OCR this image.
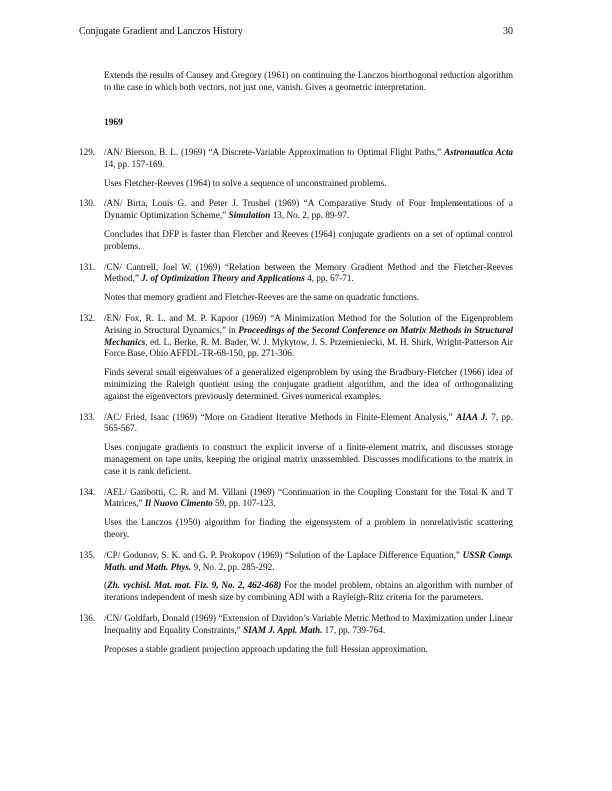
Conjugate Gradient and Lanczos History	30
Extends the results of Causey and Gregory (1961) on continuing the Lanczos biorthogonal reduction algorithm to the case in which both vectors, not just one, vanish. Gives a geometric interpretation.
1969
129. /AN/ Bierson, B. L. (1969) “A Discrete-Variable Approximation to Optimal Flight Paths,” Astronautica Acta 14, pp. 157-169.
Uses Fletcher-Reeves (1964) to solve a sequence of unconstrained problems.
130. /AN/ Birta, Louis G. and Peter J. Trushel (1969) “A Comparative Study of Four Implementations of a Dynamic Optimization Scheme,” Simulation 13, No. 2, pp. 89-97.
Concludes that DFP is faster than Fletcher and Reeves (1964) conjugate gradients on a set of optimal control problems.
131. /CN/ Cantrell, Joel W. (1969) “Relation between the Memory Gradient Method and the Fletcher-Reeves Method,” J. of Optimization Theory and Applications 4, pp. 67-71.
Notes that memory gradient and Fletcher-Reeves are the same on quadratic functions.
132. /EN/ Fox, R. L. and M. P. Kapoor (1969) “A Minimization Method for the Solution of the Eigenproblem Arising in Structural Dynamics,” in Proceedings of the Second Conference on Matrix Methods in Structural Mechanics, ed. L. Berke, R. M. Bader, W. J. Mykytow, J. S. Przemieniecki, M. H. Shirk, Wright-Patterson Air Force Base, Ohio AFFDL-TR-68-150, pp. 271-306.
Finds several small eigenvalues of a generalized eigenproblem by using the Bradbury-Fletcher (1966) idea of minimizing the Raleigh quotient using the conjugate gradient algorithm, and the idea of orthogonalizing against the eigenvectors previously determined. Gives numerical examples.
133. /AC/ Fried, Isaac (1969) “More on Gradient Iterative Methods in Finite-Element Analysis,” AIAA J. 7, pp. 565-567.
Uses conjugate gradients to construct the explicit inverse of a finite-element matrix, and discusses storage management on tape units, keeping the original matrix unassembled. Discusses modifications to the matrix in case it is rank deficient.
134. /AEL/ Garibotti, C. R. and M. Villani (1969) “Continuation in the Coupling Constant for the Total K and T Matrices,” Il Nuovo Cimento 59, pp. 107-123.
Uses the Lanczos (1950) algorithm for finding the eigensystem of a problem in nonrelativistic scattering theory.
135. /CP/ Godunov, S. K. and G. P. Prokopov (1969) “Solution of the Laplace Difference Equation,” USSR Comp. Math. and Math. Phys. 9, No. 2, pp. 285-292.
(Zh. vychisl. Mat. mat. Fiz. 9, No. 2, 462-468) For the model problem, obtains an algorithm with number of iterations independent of mesh size by combining ADI with a Rayleigh-Ritz criteria for the parameters.
136. /CN/ Goldfarb, Donald (1969) “Extension of Davidon’s Variable Metric Method to Maximization under Linear Inequality and Equality Constraints,” SIAM J. Appl. Math. 17, pp. 739-764.
Proposes a stable gradient projection approach updating the full Hessian approximation.
